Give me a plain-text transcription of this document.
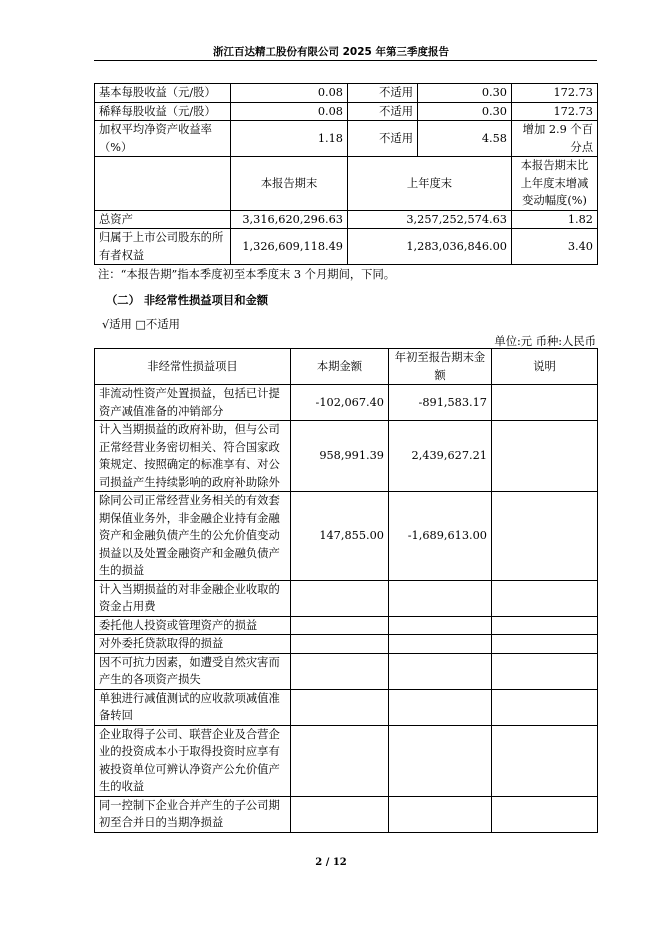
浙江百达精工股份有限公司 2025 年第三季度报告
基本每股收益（元/股）	0.08	不适用	0.30	172.73
稀释每股收益（元/股）	0.08	不适用	0.30	172.73
加权平均净资产收益率（%）	1.18	不适用	4.58	增加 2.9 个百分点
	本报告期末	上年度末		本报告期末比上年度末增减变动幅度(%)
总资产	3,316,620,296.63	3,257,252,574.63		1.82
归属于上市公司股东的所有者权益	1,326,609,118.49	1,283,036,846.00		3.40
注：“本报告期”指本季度初至本季度末 3 个月期间，下同。
（二） 非经常性损益项目和金额
√适用 □不适用
单位:元 币种:人民币
非经常性损益项目	本期金额	年初至报告期末金额	说明
非流动性资产处置损益，包括已计提资产减值准备的冲销部分	-102,067.40	-891,583.17	
计入当期损益的政府补助，但与公司正常经营业务密切相关、符合国家政策规定、按照确定的标准享有、对公司损益产生持续影响的政府补助除外	958,991.39	2,439,627.21	
除同公司正常经营业务相关的有效套期保值业务外，非金融企业持有金融资产和金融负债产生的公允价值变动损益以及处置金融资产和金融负债产生的损益	147,855.00	-1,689,613.00	
计入当期损益的对非金融企业收取的资金占用费			
委托他人投资或管理资产的损益			
对外委托贷款取得的损益			
因不可抗力因素，如遭受自然灾害而产生的各项资产损失			
单独进行减值测试的应收款项减值准备转回			
企业取得子公司、联营企业及合营企业的投资成本小于取得投资时应享有被投资单位可辨认净资产公允价值产生的收益			
同一控制下企业合并产生的子公司期初至合并日的当期净损益			
2 / 12
